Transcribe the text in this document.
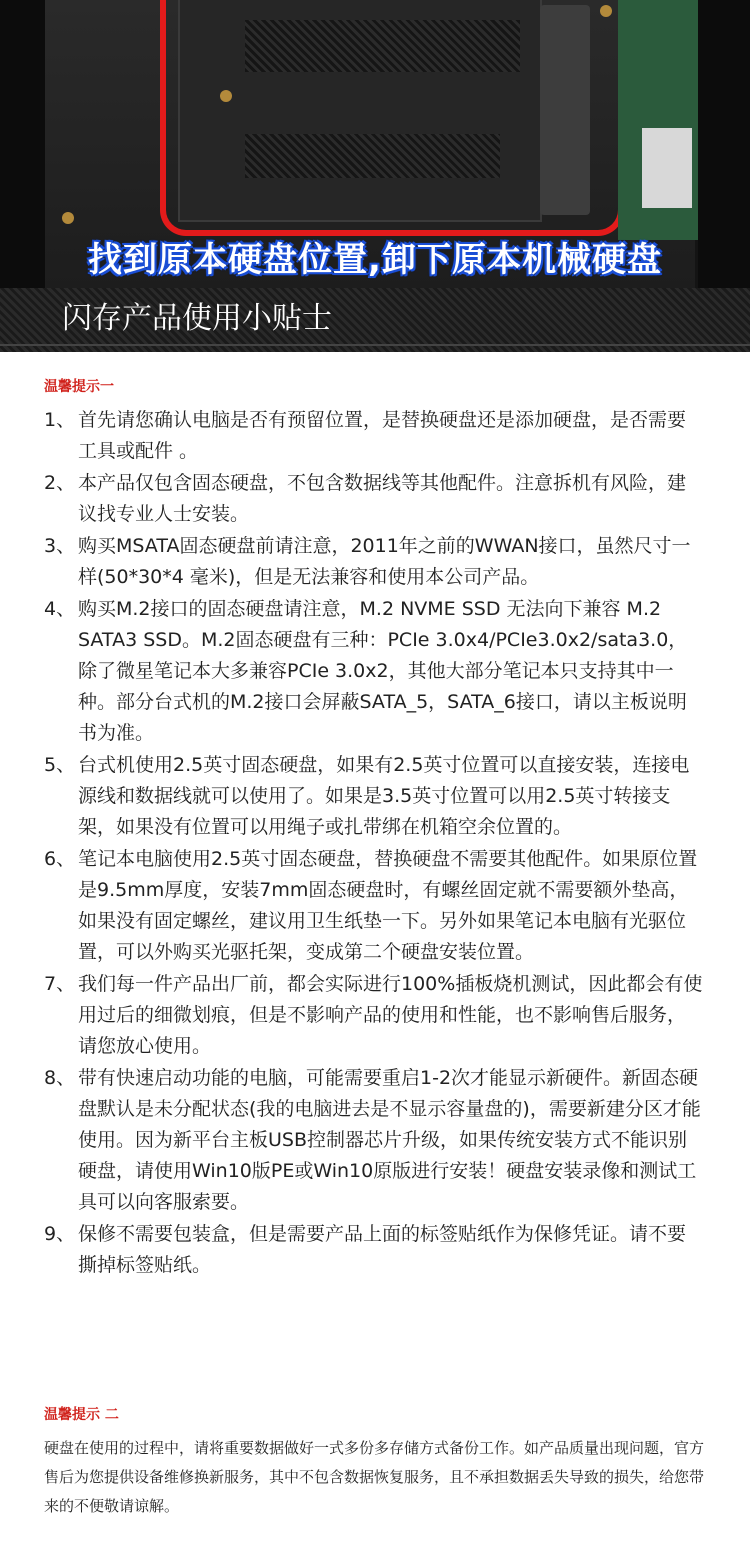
找到原本硬盘位置,卸下原本机械硬盘
闪存产品使用小贴士
温馨提示一
1、 首先请您确认电脑是否有预留位置，是替换硬盘还是添加硬盘，是否需要工具或配件 。
2、 本产品仅包含固态硬盘，不包含数据线等其他配件。注意拆机有风险，建议找专业人士安装。
3、 购买MSATA固态硬盘前请注意，2011年之前的WWAN接口，虽然尺寸一样(50*30*4 毫米)，但是无法兼容和使用本公司产品。
4、 购买M.2接口的固态硬盘请注意，M.2 NVME SSD 无法向下兼容 M.2 SATA3 SSD。M.2固态硬盘有三种：PCIe 3.0x4/PCIe3.0x2/sata3.0，除了微星笔记本大多兼容PCIe 3.0x2，其他大部分笔记本只支持其中一种。部分台式机的M.2接口会屏蔽SATA_5，SATA_6接口，请以主板说明书为准。
5、 台式机使用2.5英寸固态硬盘，如果有2.5英寸位置可以直接安装，连接电源线和数据线就可以使用了。如果是3.5英寸位置可以用2.5英寸转接支架，如果没有位置可以用绳子或扎带绑在机箱空余位置的。
6、 笔记本电脑使用2.5英寸固态硬盘，替换硬盘不需要其他配件。如果原位置是9.5mm厚度，安装7mm固态硬盘时，有螺丝固定就不需要额外垫高，如果没有固定螺丝，建议用卫生纸垫一下。另外如果笔记本电脑有光驱位置，可以外购买光驱托架，变成第二个硬盘安装位置。
7、 我们每一件产品出厂前，都会实际进行100%插板烧机测试，因此都会有使用过后的细微划痕，但是不影响产品的使用和性能，也不影响售后服务，请您放心使用。
8、 带有快速启动功能的电脑，可能需要重启1-2次才能显示新硬件。新固态硬盘默认是未分配状态(我的电脑进去是不显示容量盘的)，需要新建分区才能使用。因为新平台主板USB控制器芯片升级，如果传统安装方式不能识别硬盘，请使用Win10版PE或Win10原版进行安装！硬盘安装录像和测试工具可以向客服索要。
9、 保修不需要包装盒，但是需要产品上面的标签贴纸作为保修凭证。请不要撕掉标签贴纸。
温馨提示 二
硬盘在使用的过程中，请将重要数据做好一式多份多存储方式备份工作。如产品质量出现问题，官方售后为您提供设备维修换新服务，其中不包含数据恢复服务，且不承担数据丢失导致的损失，给您带来的不便敬请谅解。
